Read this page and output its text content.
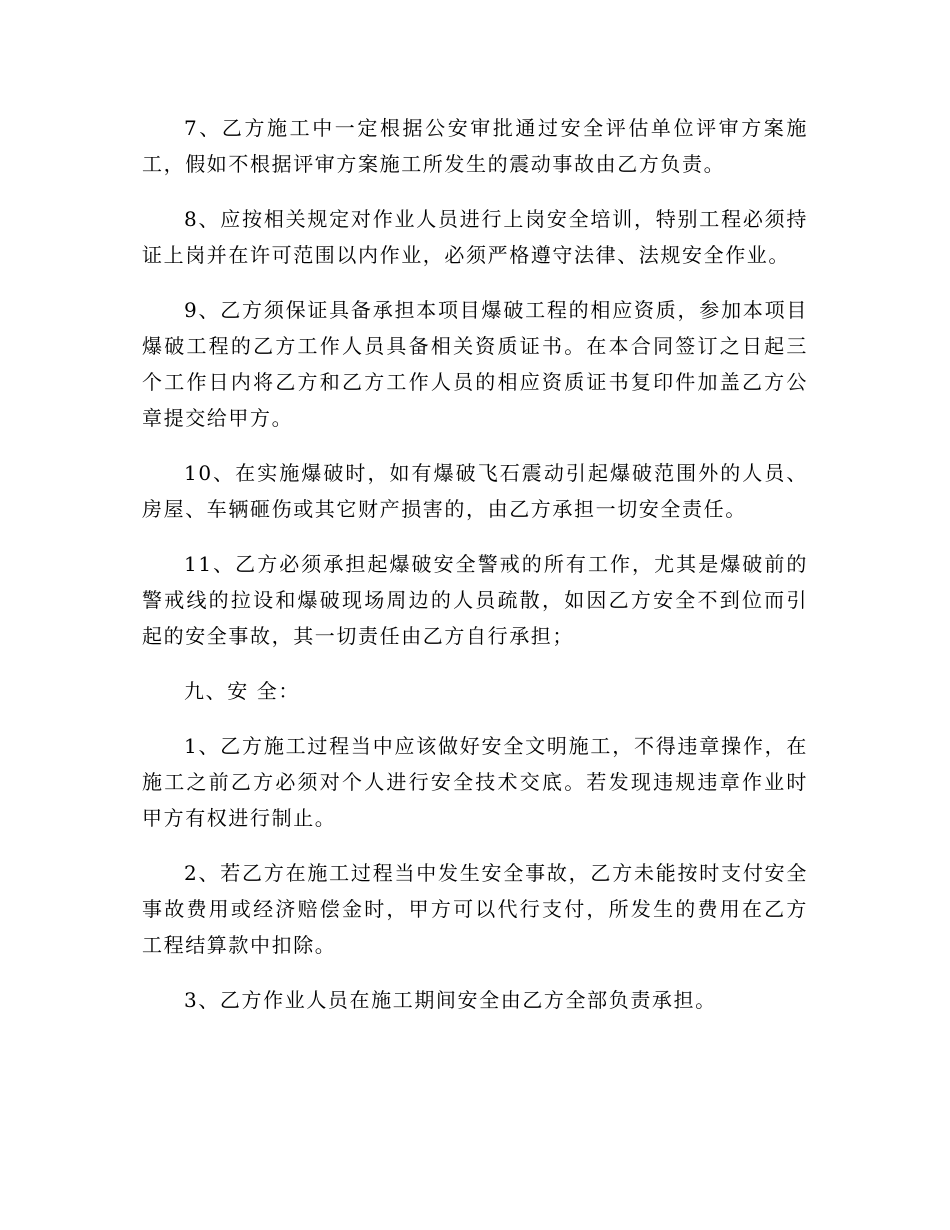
7、乙方施工中一定根据公安审批通过安全评估单位评审方案施工，假如不根据评审方案施工所发生的震动事故由乙方负责。

8、应按相关规定对作业人员进行上岗安全培训，特别工程必须持证上岗并在许可范围以内作业，必须严格遵守法律、法规安全作业。

9、乙方须保证具备承担本项目爆破工程的相应资质，参加本项目爆破工程的乙方工作人员具备相关资质证书。在本合同签订之日起三个工作日内将乙方和乙方工作人员的相应资质证书复印件加盖乙方公章提交给甲方。

10、在实施爆破时，如有爆破飞石震动引起爆破范围外的人员、房屋、车辆砸伤或其它财产损害的，由乙方承担一切安全责任。

11、乙方必须承担起爆破安全警戒的所有工作，尤其是爆破前的警戒线的拉设和爆破现场周边的人员疏散，如因乙方安全不到位而引起的安全事故，其一切责任由乙方自行承担；

九、安 全：

1、乙方施工过程当中应该做好安全文明施工，不得违章操作，在施工之前乙方必须对个人进行安全技术交底。若发现违规违章作业时甲方有权进行制止。

2、若乙方在施工过程当中发生安全事故，乙方未能按时支付安全事故费用或经济赔偿金时，甲方可以代行支付，所发生的费用在乙方工程结算款中扣除。

3、乙方作业人员在施工期间安全由乙方全部负责承担。
